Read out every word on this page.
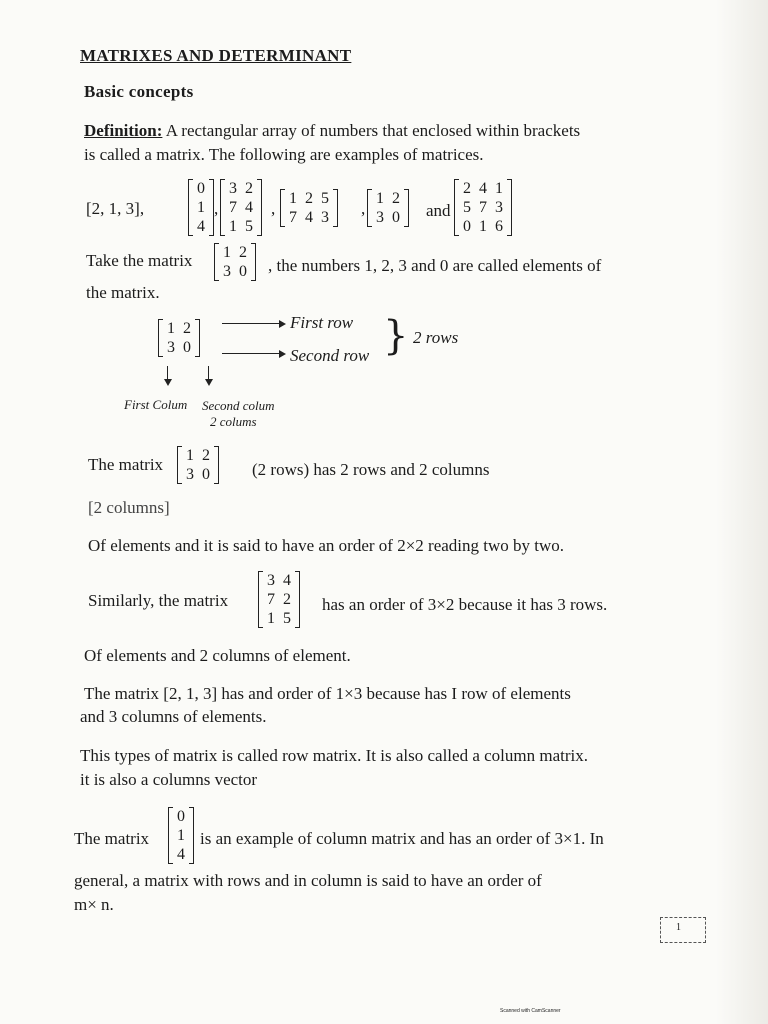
MATRIXES AND DETERMINANT
Basic concepts
Definition: A rectangular array of numbers that enclosed within brackets
is called a matrix. The following are examples of matrices.
[2, 1, 3],
0
1
4
,
3	2
7	4
1	5
,
1	2	5
7	4	3 ,
1	2
3	0 and
2	4	1
5	7	3
0	1	6
Take the matrix 1	2
3	0 , the numbers 1, 2, 3 and 0 are called elements of
the matrix.
1	2
3	0
First row
Second row } 2 rows
First Colum Second colum
2 colums
The matrix 1	2
3	0 (2 rows) has 2 rows and 2 columns
[2 columns]
Of elements and it is said to have an order of 2×2 reading two by two.
Similarly, the matrix
3	4
7	2
1	5
has an order of 3×2 because it has 3 rows.
Of elements and 2 columns of element.
The matrix [2, 1, 3] has and order of 1×3 because has I row of elements
and 3 columns of elements.
This types of matrix is called row matrix. It is also called a column matrix.
it is also a columns vector
The matrix
0
1
4
is an example of column matrix and has an order of 3×1. In
general, a matrix with rows and in column is said to have an order of
m× n.
1
Scanned with CamScanner
